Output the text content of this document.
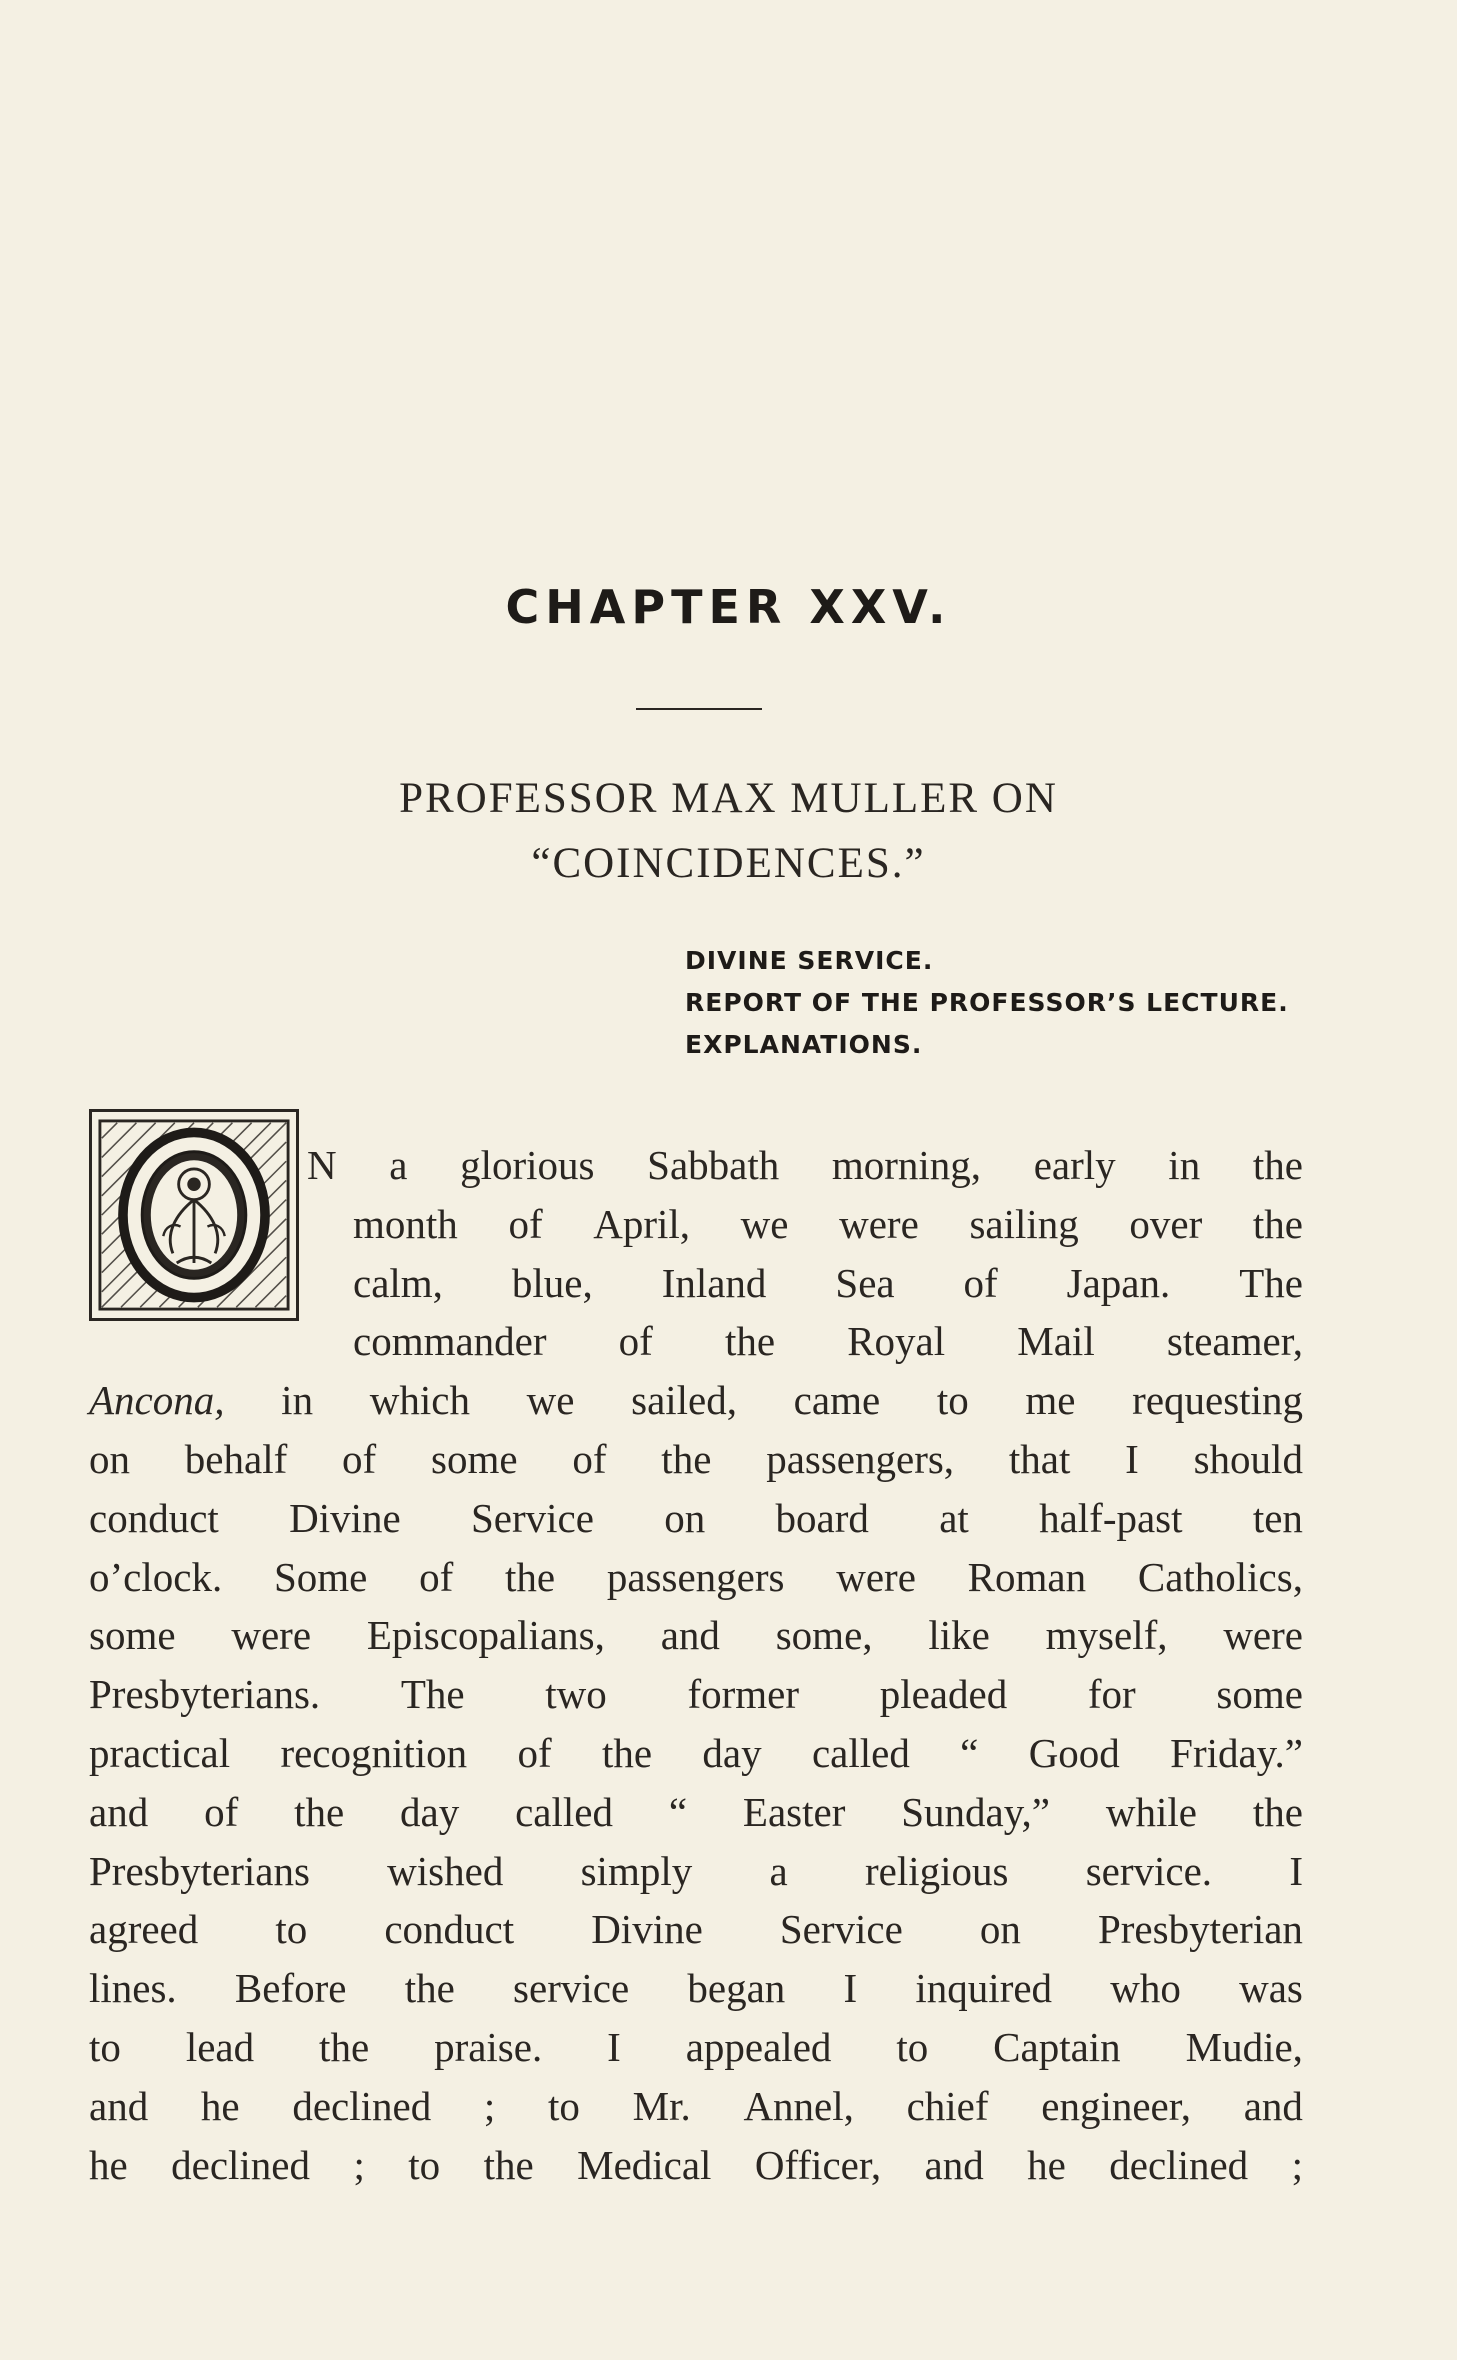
CHAPTER XXV.
PROFESSOR MAX MULLER ON
“COINCIDENCES.”
DIVINE SERVICE.
REPORT OF THE PROFESSOR’S LECTURE.
EXPLANATIONS.
N a glorious Sabbath morning, early in the
month of April, we were sailing over the
calm, blue, Inland Sea of Japan. The
commander of the Royal Mail steamer,
Ancona, in which we sailed, came to me requesting
on behalf of some of the passengers, that I should
conduct Divine Service on board at half-past ten
o’clock. Some of the passengers were Roman Catholics,
some were Episcopalians, and some, like myself, were
Presbyterians. The two former pleaded for some
practical recognition of the day called “ Good Friday.”
and of the day called “ Easter Sunday,” while the
Presbyterians wished simply a religious service. I
agreed to conduct Divine Service on Presbyterian
lines. Before the service began I inquired who was
to lead the praise. I appealed to Captain Mudie,
and he declined ; to Mr. Annel, chief engineer, and
he declined ; to the Medical Officer, and he declined ;
